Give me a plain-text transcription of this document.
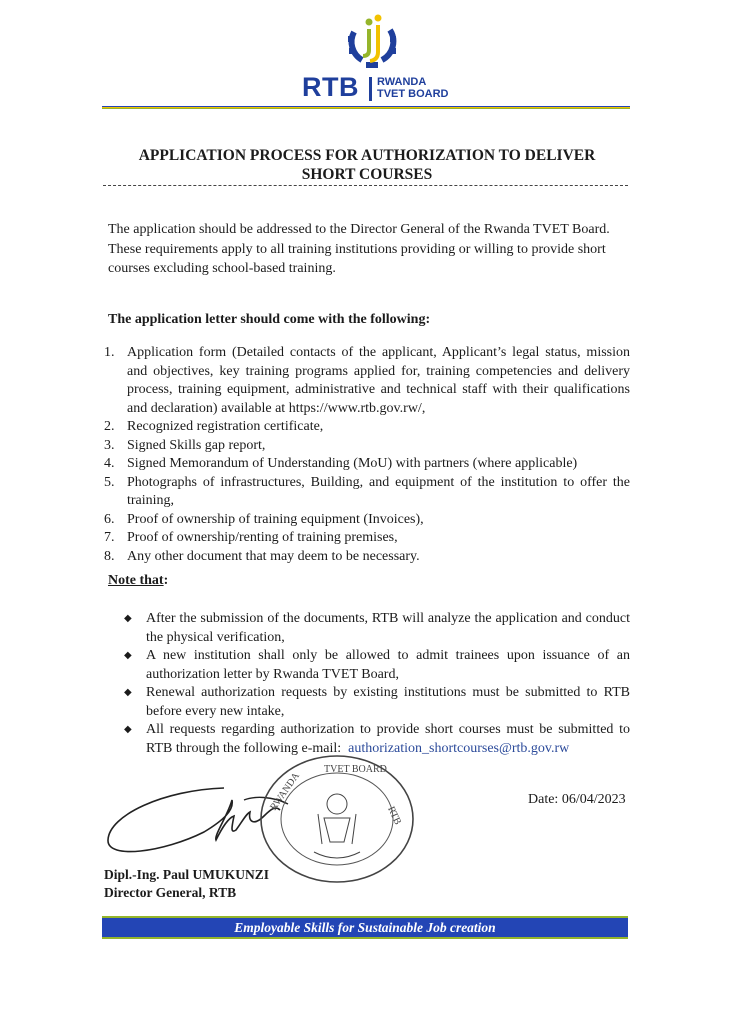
RTB RWANDA
TVET BOARD
APPLICATION PROCESS FOR AUTHORIZATION TO DELIVER
SHORT COURSES
The application should be addressed to the Director General of the Rwanda TVET Board. These requirements apply to all training institutions providing or willing to provide short courses excluding school-based training.
The application letter should come with the following:
1. Application form (Detailed contacts of the applicant, Applicant’s legal status, mission and objectives, key training programs applied for, training competencies and delivery process, training equipment, administrative and technical staff with their qualifications and declaration) available at https://www.rtb.gov.rw/,
2. Recognized registration certificate,
3. Signed Skills gap report,
4. Signed Memorandum of Understanding (MoU) with partners (where applicable)
5. Photographs of infrastructures, Building, and equipment of the institution to offer the training,
6. Proof of ownership of training equipment (Invoices),
7. Proof of ownership/renting of training premises,
8. Any other document that may deem to be necessary.
Note that:
◆ After the submission of the documents, RTB will analyze the application and conduct the physical verification,
◆ A new institution shall only be allowed to admit trainees upon issuance of an authorization letter by Rwanda TVET Board,
◆ Renewal authorization requests by existing institutions must be submitted to RTB before every new intake,
◆ All requests regarding authorization to provide short courses must be submitted to RTB through the following e-mail: authorization_shortcourses@rtb.gov.rw
Date: 06/04/2023
TVET BOARD
RWANDA
RTB
Dipl.-Ing. Paul UMUKUNZI
Director General, RTB
Employable Skills for Sustainable Job creation
